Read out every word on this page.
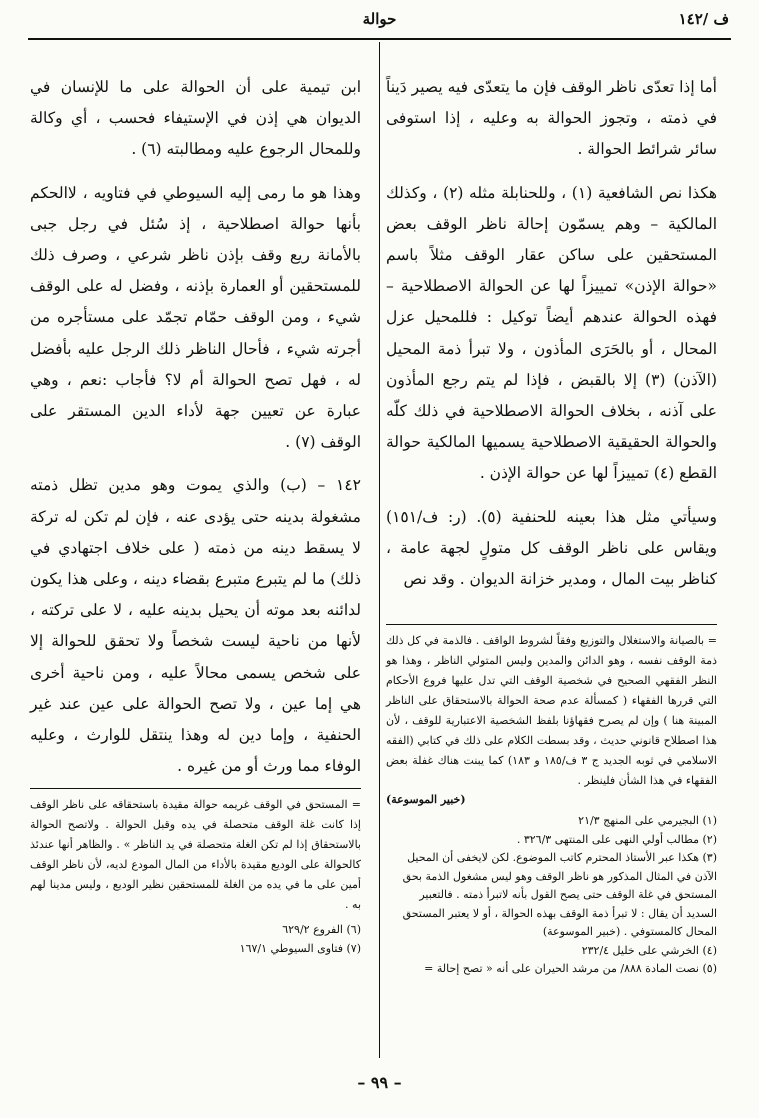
حوالة	ف /١٤٢

أما إذا تعدّى ناظر الوقف فإن ما يتعدّى فيه يصير دَيناً في ذمته ، وتجوز الحوالة به وعليه ، إذا استوفى سائر شرائط الحوالة .

هكذا نص الشافعية (١) ، وللحنابلة مثله (٢) ، وكذلك المالكية – وهم يسمّون إحالة ناظر الوقف بعض المستحقين على ساكن عقار الوقف مثلاً باسم «حوالة الإذن» تمييزاً لها عن الحوالة الاصطلاحية – فهذه الحوالة عندهم أيضاً توكيل : فللمحيل عزل المحال ، أو بالحَرَى المأذون ، ولا تبرأ ذمة المحيل (الآذن) (٣) إلا بالقبض ، فإذا لم يتم رجع المأذون على آذنه ، بخلاف الحوالة الاصطلاحية في ذلك كلّه والحوالة الحقيقية الاصطلاحية يسميها المالكية حوالة القطع (٤) تمييزاً لها عن حوالة الإذن .

وسيأتي مثل هذا بعينه للحنفية (٥). (ر: ف/١٥١) ويقاس على ناظر الوقف كل متولٍ لجهة عامة ، كناظر بيت المال ، ومدير خزانة الديوان . وقد نص

= بالصيانة والاستغلال والتوزيع وفقاً لشروط الواقف . فالذمة في كل ذلك ذمة الوقف نفسه ، وهو الدائن والمدين وليس المتولي الناظر ، وهذا هو النظر الفقهي الصحيح في شخصية الوقف التي تدل عليها فروع الأحكام التي قررها الفقهاء ( كمسألة عدم صحة الحوالة بالاستحقاق على الناظر المبينة هنا ) وإن لم يصرح فقهاؤنا بلفظ الشخصية الاعتبارية للوقف ، لأن هذا اصطلاح قانوني حديث ، وقد بسطت الكلام على ذلك في كتابي (الفقه الاسلامي في ثوبه الجديد ج ٣ ف/١٨٥ و ١٨٣) كما يبنت هناك غفلة بعض الفقهاء في هذا الشأن فلينظر .

(خبير الموسوعة)
(١) البجيرمي على المنهج ٢١/٣
(٢) مطالب أولي النهى على المنتهى ٣٢٦/٣ .
(٣) هكذا عبر الأستاذ المحترم كاتب الموضوع. لكن لايخفى أن المحيل الآذن في المثال المذكور هو ناظر الوقف وهو ليس مشغول الذمة بحق المستحق في غلة الوقف حتى يصح القول بأنه لاتبرأ ذمته . فالتعبير السديد أن يقال : لا تبرأ ذمة الوقف بهذه الحوالة ، أو لا يعتبر المستحق المحال كالمستوفي . (خبير الموسوعة)
(٤) الخرشي على خليل ٢٣٢/٤
(٥) نصت المادة ٨٨٨/ من مرشد الحيران على أنه « تصح إحالة =

ابن تيمية على أن الحوالة على ما للإنسان في الديوان هي إذن في الإستيفاء فحسب ، أي وكالة وللمحال الرجوع عليه ومطالبته (٦) .

وهذا هو ما رمى إليه السيوطي في فتاويه ، لاالحكم بأنها حوالة اصطلاحية ، إذ سُئل في رجل جبى بالأمانة ريع وقف بإذن ناظر شرعي ، وصرف ذلك للمستحقين أو العمارة بإذنه ، وفضل له على الوقف شيء ، ومن الوقف حمّام تجمّد على مستأجره من أجرته شيء ، فأحال الناظر ذلك الرجل عليه بأفضل له ، فهل تصح الحوالة أم لا؟ فأجاب :نعم ، وهي عبارة عن تعيين جهة لأداء الدين المستقر على الوقف (٧) .

١٤٢ – (ب) والذي يموت وهو مدين تظل ذمته مشغولة بدينه حتى يؤدى عنه ، فإن لم تكن له تركة لا يسقط دينه من ذمته ( على خلاف اجتهادي في ذلك) ما لم يتبرع متبرع بقضاء دينه ، وعلى هذا يكون لدائنه بعد موته أن يحيل بدينه عليه ، لا على تركته ، لأنها من ناحية ليست شخصاً ولا تحقق للحوالة إلا على شخص يسمى محالاً عليه ، ومن ناحية أخرى هي إما عين ، ولا تصح الحوالة على عين عند غير الحنفية ، وإما دين له وهذا ينتقل للوارث ، وعليه الوفاء مما ورث أو من غيره .

= المستحق في الوقف غريمه حوالة مقيدة باستحقاقه على ناظر الوقف إذا كانت غلة الوقف متحصلة في يده وقبل الحوالة . ولاتصح الحوالة بالاستحقاق إذا لم تكن الغلة متحصلة في يد الناظر » . والظاهر أنها عندئذ كالحوالة على الوديع مقيدة بالأداء من المال المودع لديه، لأن ناظر الوقف أمين على ما في يده من الغلة للمستحقين نظير الوديع ، وليس مدينا لهم به .

(٦) الفروع ٦٢٩/٢
(٧) فتاوى السيوطي ١٦٧/١
– ٩٩ –
